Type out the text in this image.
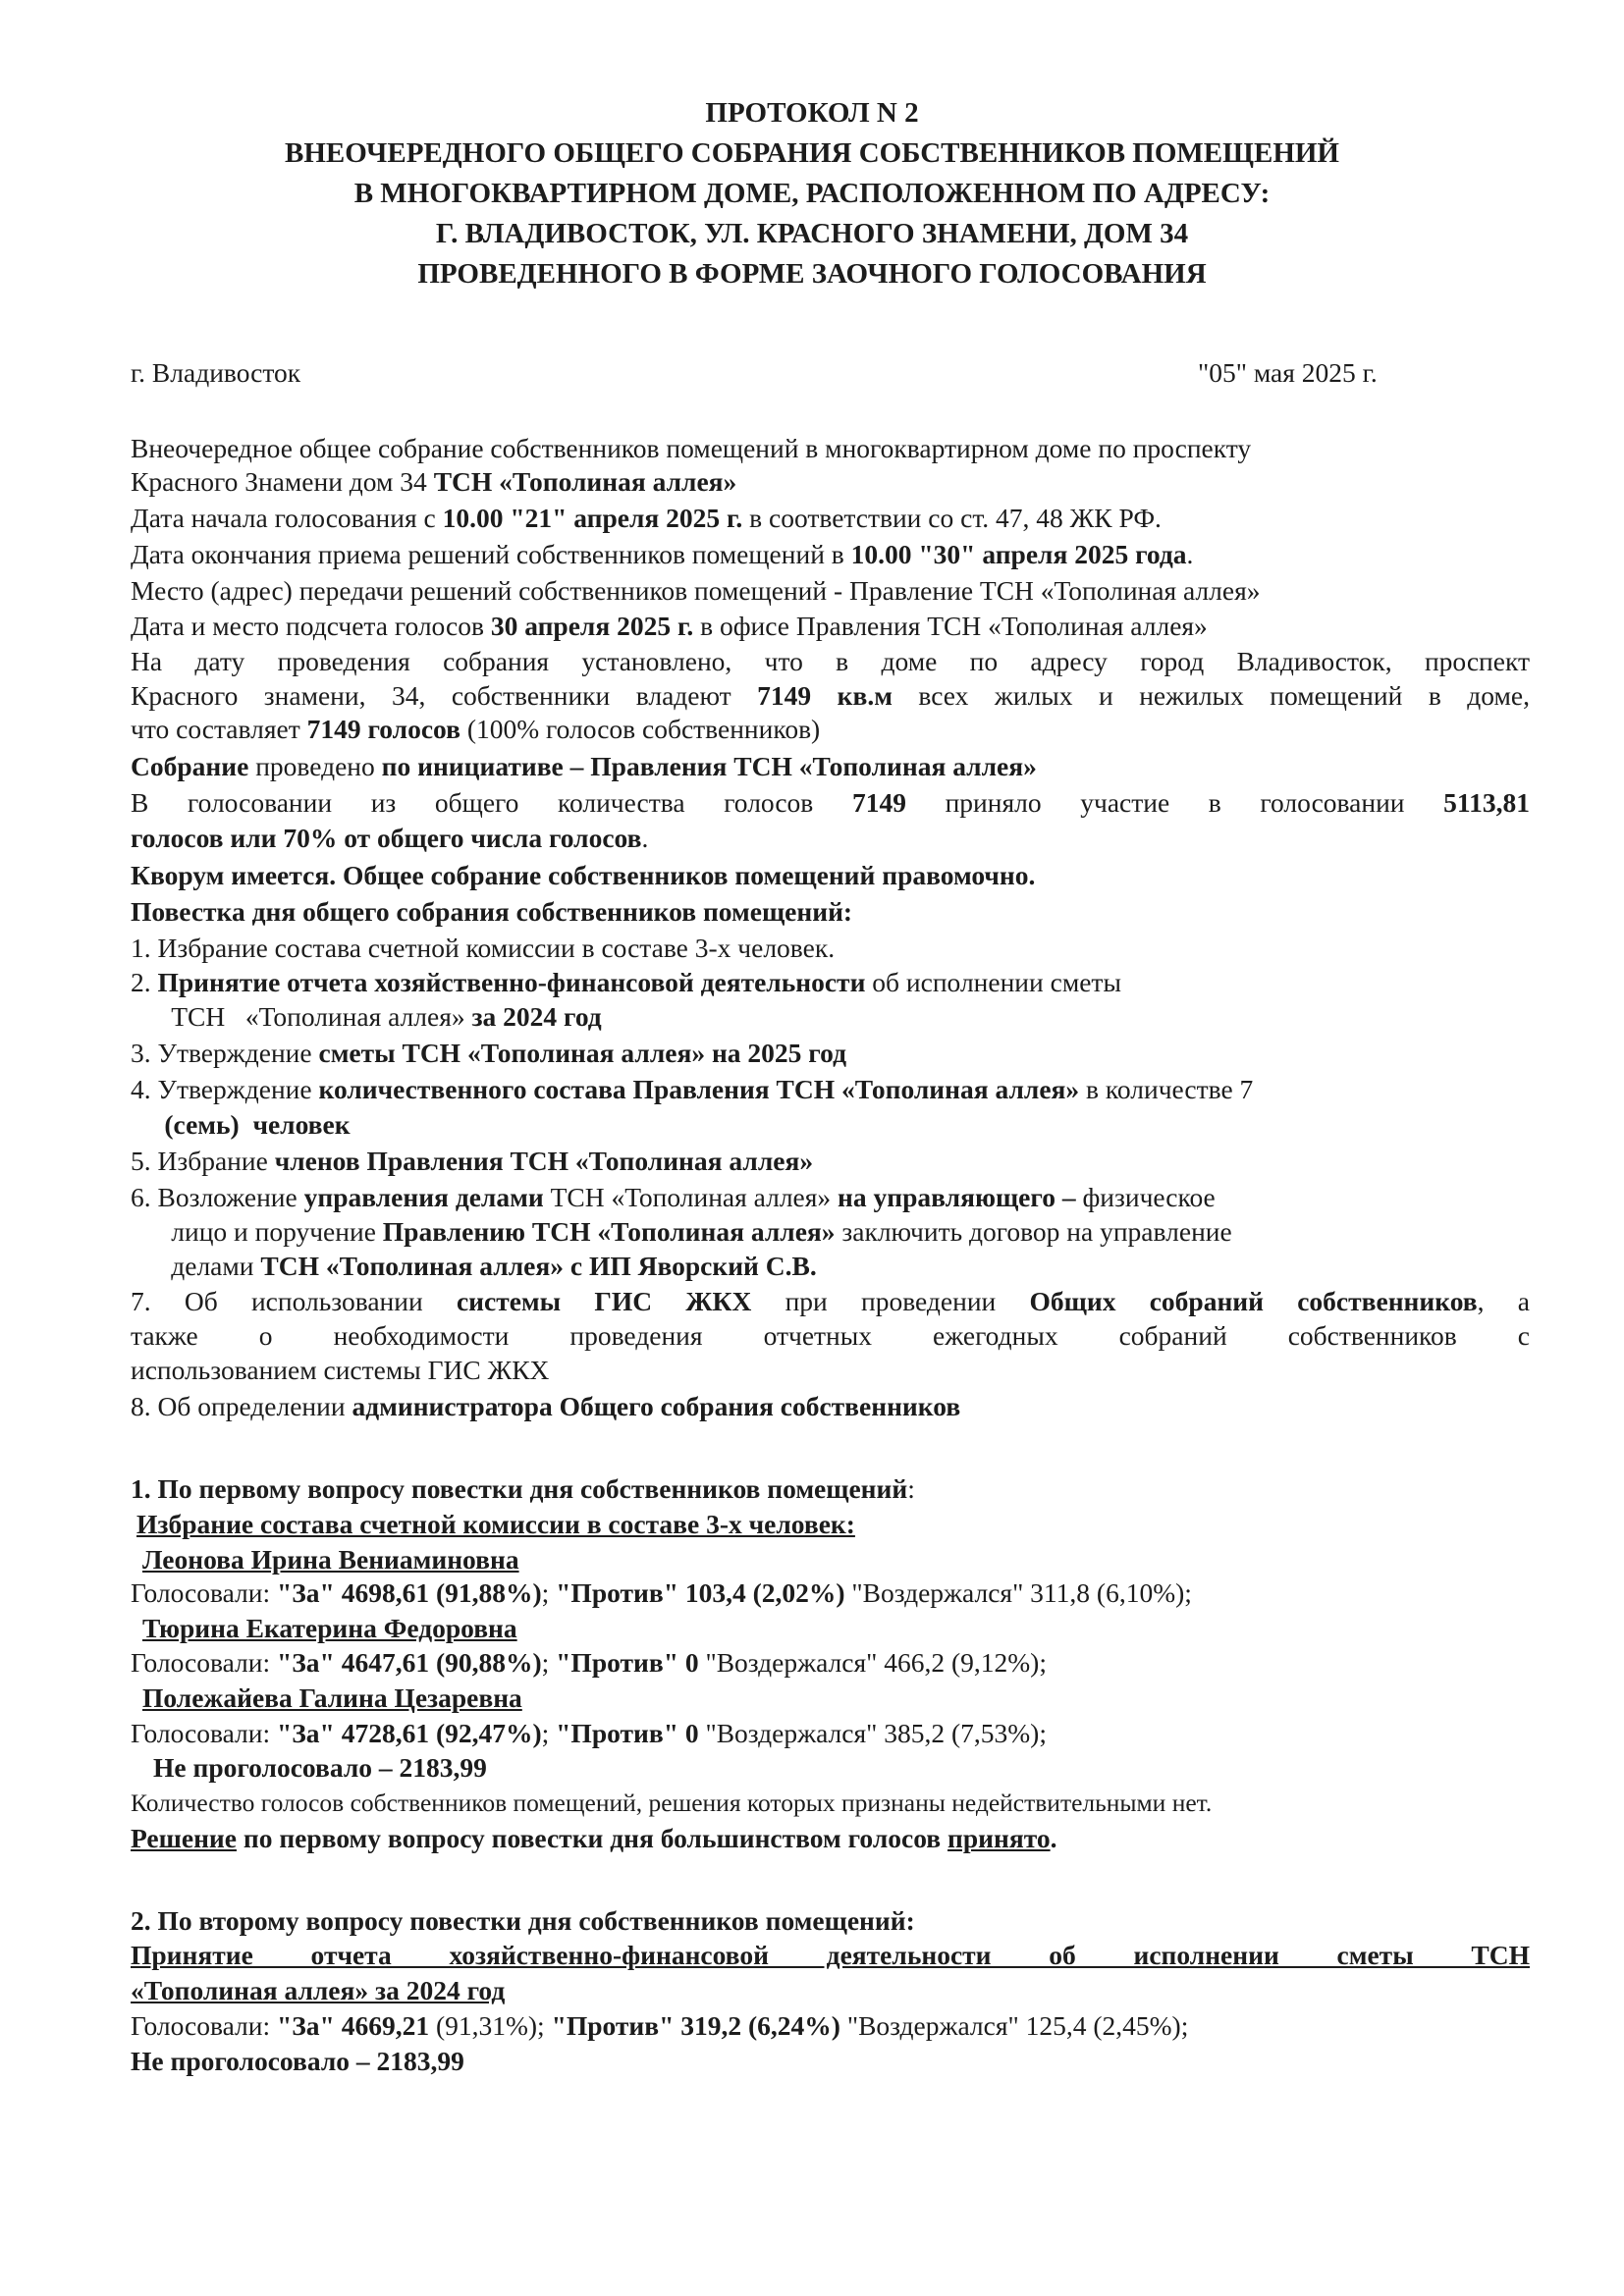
ПРОТОКОЛ N 2
ВНЕОЧЕРЕДНОГО ОБЩЕГО СОБРАНИЯ СОБСТВЕННИКОВ ПОМЕЩЕНИЙ
В МНОГОКВАРТИРНОМ ДОМЕ, РАСПОЛОЖЕННОМ ПО АДРЕСУ:
Г. ВЛАДИВОСТОК, УЛ. КРАСНОГО ЗНАМЕНИ, ДОМ 34
ПРОВЕДЕННОГО В ФОРМЕ ЗАОЧНОГО ГОЛОСОВАНИЯ
г. Владивосток	"05" мая 2025 г.
Внеочередное общее собрание собственников помещений в многоквартирном доме по проспекту
Красного Знамени дом 34 ТСН «Тополиная аллея»
Дата начала голосования с 10.00 "21" апреля 2025 г. в соответствии со ст. 47, 48 ЖК РФ.
Дата окончания приема решений собственников помещений в 10.00 "30" апреля 2025 года.
Место (адрес) передачи решений собственников помещений - Правление ТСН «Тополиная аллея»
Дата и место подсчета голосов 30 апреля 2025 г. в офисе Правления ТСН «Тополиная аллея»
На дату проведения собрания установлено, что в доме по адресу город Владивосток, проспект
Красного знамени, 34, собственники владеют 7149 кв.м всех жилых и нежилых помещений в доме,
что составляет 7149 голосов (100% голосов собственников)
Собрание проведено по инициативе – Правления ТСН «Тополиная аллея»
В голосовании из общего количества голосов 7149 приняло участие в голосовании 5113,81
голосов или 70% от общего числа голосов.
Кворум имеется. Общее собрание собственников помещений правомочно.
Повестка дня общего собрания собственников помещений:
1. Избрание состава счетной комиссии в составе 3-х человек.
2. Принятие отчета хозяйственно-финансовой деятельности об исполнении сметы
ТСН   «Тополиная аллея» за 2024 год
3. Утверждение сметы ТСН «Тополиная аллея» на 2025 год
4. Утверждение количественного состава Правления ТСН «Тополиная аллея» в количестве 7
(семь)  человек
5. Избрание членов Правления ТСН «Тополиная аллея»
6. Возложение управления делами ТСН «Тополиная аллея» на управляющего – физическое
лицо и поручение Правлению ТСН «Тополиная аллея» заключить договор на управление
делами ТСН «Тополиная аллея» с ИП Яворский С.В.
7. Об использовании системы ГИС ЖКХ при проведении Общих собраний собственников, а
также о необходимости проведения отчетных ежегодных собраний собственников с
использованием системы ГИС ЖКХ
8. Об определении администратора Общего собрания собственников
1. По первому вопросу повестки дня собственников помещений:
Избрание состава счетной комиссии в составе 3-х человек:
Леонова Ирина Вениаминовна
Голосовали: "За" 4698,61 (91,88%); "Против" 103,4 (2,02%) "Воздержался" 311,8 (6,10%);
Тюрина Екатерина Федоровна
Голосовали: "За" 4647,61 (90,88%); "Против" 0 "Воздержался" 466,2 (9,12%);
Полежайева Галина Цезаревна
Голосовали: "За" 4728,61 (92,47%); "Против" 0 "Воздержался" 385,2 (7,53%);
Не проголосовало – 2183,99
Количество голосов собственников помещений, решения которых признаны недействительными нет.
Решение по первому вопросу повестки дня большинством голосов принято.
2. По второму вопросу повестки дня собственников помещений:
Принятие отчета хозяйственно-финансовой деятельности об исполнении сметы ТСН
«Тополиная аллея» за 2024 год
Голосовали: "За" 4669,21 (91,31%); "Против" 319,2 (6,24%) "Воздержался" 125,4 (2,45%);
Не проголосовало – 2183,99
